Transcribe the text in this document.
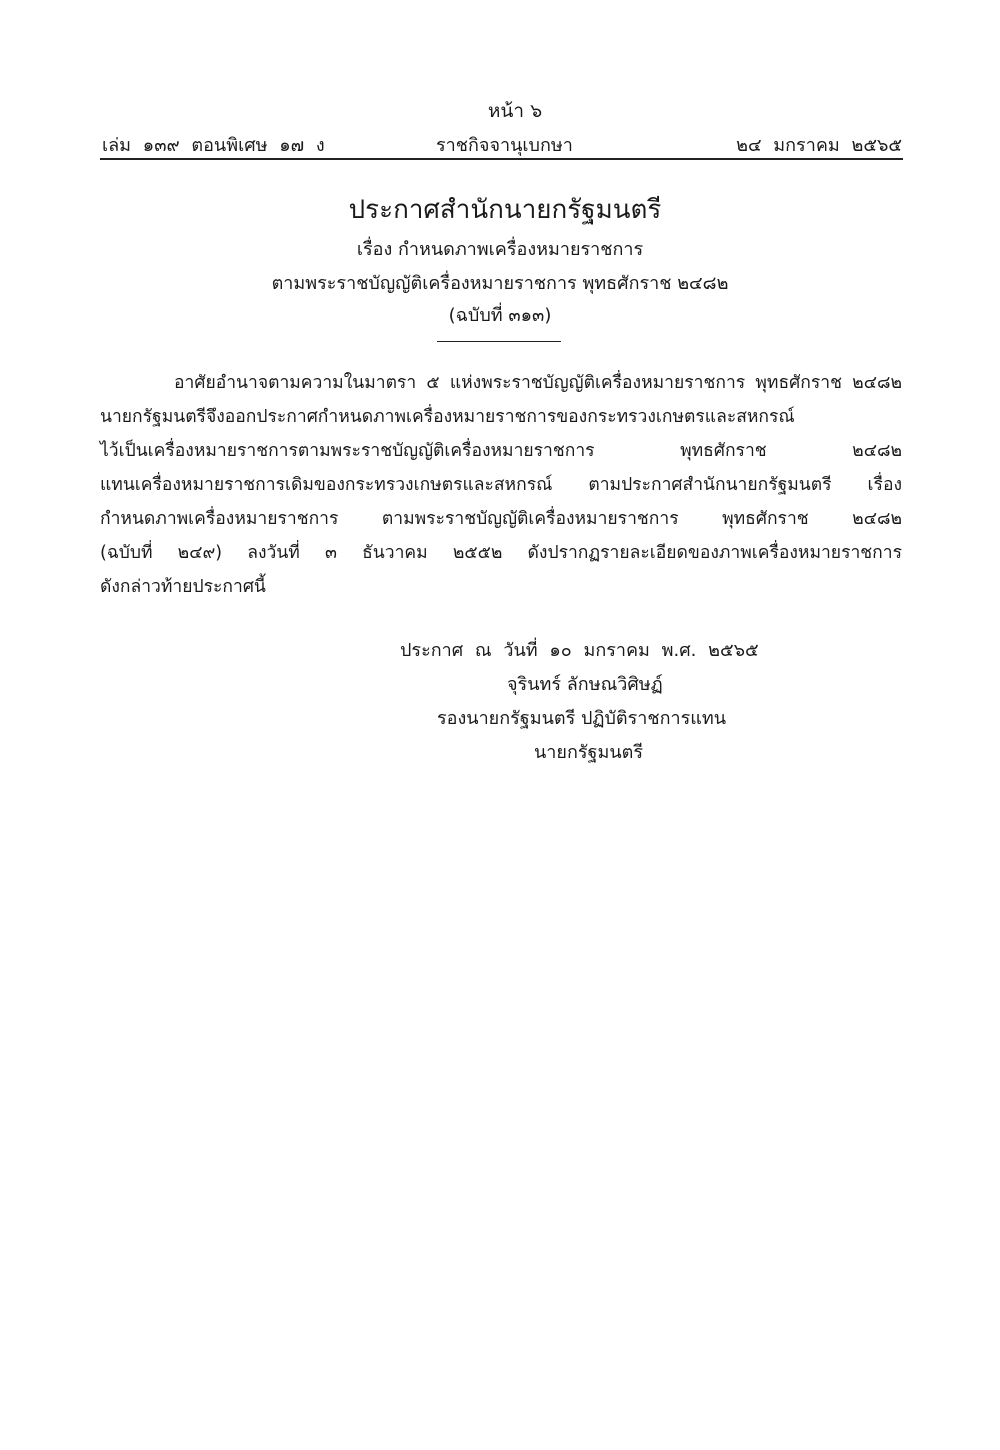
หน้า ๖
เล่ม ๑๓๙ ตอนพิเศษ ๑๗ ง	ราชกิจจานุเบกษา	๒๔ มกราคม ๒๕๖๕
ประกาศสำนักนายกรัฐมนตรี
เรื่อง กำหนดภาพเครื่องหมายราชการ
ตามพระราชบัญญัติเครื่องหมายราชการ พุทธศักราช ๒๔๘๒
(ฉบับที่ ๓๑๓)
อาศัยอำนาจตามความในมาตรา ๕ แห่งพระราชบัญญัติเครื่องหมายราชการ พุทธศักราช ๒๔๘๒
นายกรัฐมนตรีจึงออกประกาศกำหนดภาพเครื่องหมายราชการของกระทรวงเกษตรและสหกรณ์
ไว้เป็นเครื่องหมายราชการตามพระราชบัญญัติเครื่องหมายราชการ พุทธศักราช ๒๔๘๒
แทนเครื่องหมายราชการเดิมของกระทรวงเกษตรและสหกรณ์ ตามประกาศสำนักนายกรัฐมนตรี เรื่อง
กำหนดภาพเครื่องหมายราชการ ตามพระราชบัญญัติเครื่องหมายราชการ พุทธศักราช ๒๔๘๒
(ฉบับที่ ๒๔๙) ลงวันที่ ๓ ธันวาคม ๒๕๕๒ ดังปรากฏรายละเอียดของภาพเครื่องหมายราชการ
ดังกล่าวท้ายประกาศนี้
ประกาศ ณ วันที่ ๑๐ มกราคม พ.ศ. ๒๕๖๕
จุรินทร์ ลักษณวิศิษฏ์
รองนายกรัฐมนตรี ปฏิบัติราชการแทน
นายกรัฐมนตรี
